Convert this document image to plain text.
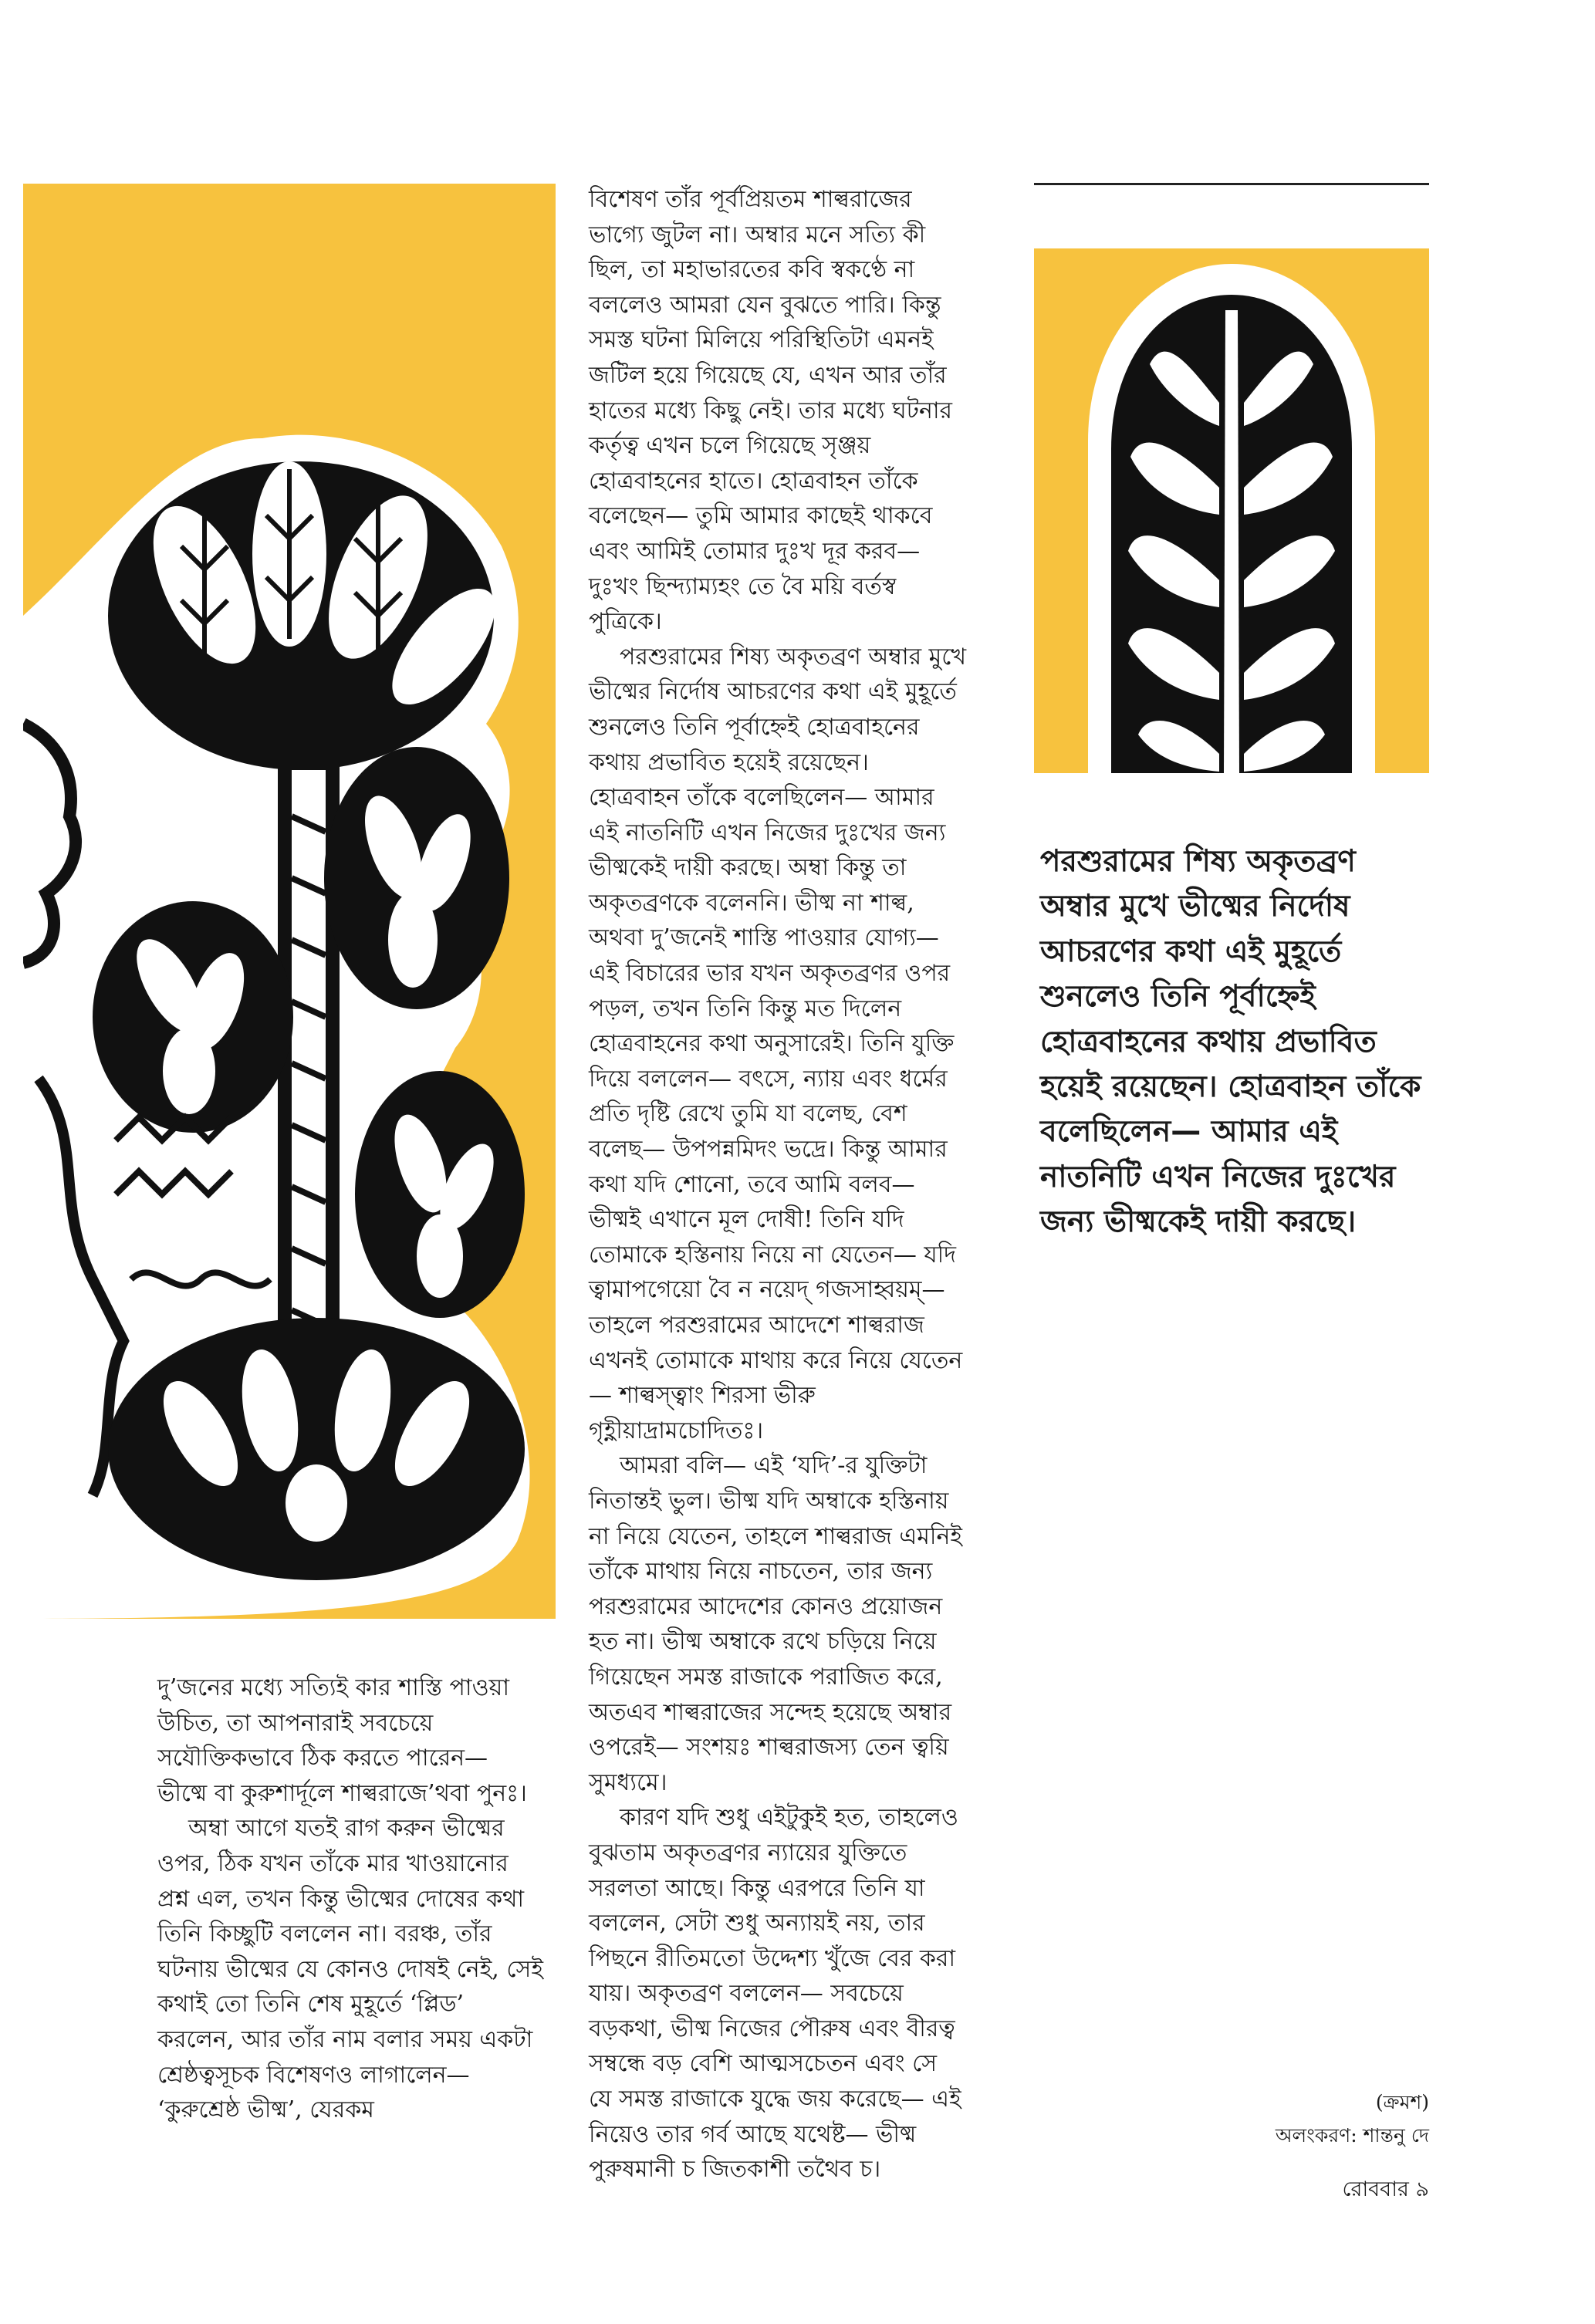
বিশেষণ তাঁর পূর্বপ্রিয়তম শাল্বরাজের ভাগ্যে জুটল না। অম্বার মনে সত্যি কী ছিল, তা মহাভারতের কবি স্বকণ্ঠে না বললেও আমরা যেন বুঝতে পারি। কিন্তু সমস্ত ঘটনা মিলিয়ে পরিস্থিতিটা এমনই জটিল হয়ে গিয়েছে যে, এখন আর তাঁর হাতের মধ্যে কিছু নেই। তার মধ্যে ঘটনার কর্তৃত্ব এখন চলে গিয়েছে সৃঞ্জয় হোত্রবাহনের হাতে। হোত্রবাহন তাঁকে বলেছেন— তুমি আমার কাছেই থাকবে এবং আমিই তোমার দুঃখ দূর করব— দুঃখং ছিন্দ্যাম্যহং তে বৈ ময়ি বর্তস্ব পুত্রিকে।

পরশুরামের শিষ্য অকৃতব্রণ অম্বার মুখে ভীষ্মের নির্দোষ আচরণের কথা এই মুহূর্তে শুনলেও তিনি পূর্বাহ্নেই হোত্রবাহনের কথায় প্রভাবিত হয়েই রয়েছেন। হোত্রবাহন তাঁকে বলেছিলেন— আমার এই নাতনিটি এখন নিজের দুঃখের জন্য ভীষ্মকেই দায়ী করছে। অম্বা কিন্তু তা অকৃতব্রণকে বলেননি। ভীষ্ম না শাল্ব, অথবা দু’জনেই শাস্তি পাওয়ার যোগ্য— এই বিচারের ভার যখন অকৃতব্রণর ওপর পড়ল, তখন তিনি কিন্তু মত দিলেন হোত্রবাহনের কথা অনুসারেই। তিনি যুক্তি দিয়ে বললেন— বৎসে, ন্যায় এবং ধর্মের প্রতি দৃষ্টি রেখে তুমি যা বলেছ, বেশ বলেছ— উপপন্নমিদং ভদ্রে। কিন্তু আমার কথা যদি শোনো, তবে আমি বলব— ভীষ্মই এখানে মূল দোষী! তিনি যদি তোমাকে হস্তিনায় নিয়ে না যেতেন— যদি ত্বামাপগেয়ো বৈ ন নয়েদ্ গজসাহ্বয়ম্— তাহলে পরশুরামের আদেশে শাল্বরাজ এখনই তোমাকে মাথায় করে নিয়ে যেতেন— শাল্বস্ত্বাং শিরসা ভীরু গৃহ্ণীয়াদ্রামচোদিতঃ।

আমরা বলি— এই ‘যদি’-র যুক্তিটা নিতান্তই ভুল। ভীষ্ম যদি অম্বাকে হস্তিনায় না নিয়ে যেতেন, তাহলে শাল্বরাজ এমনিই তাঁকে মাথায় নিয়ে নাচতেন, তার জন্য পরশুরামের আদেশের কোনও প্রয়োজন হত না। ভীষ্ম অম্বাকে রথে চড়িয়ে নিয়ে গিয়েছেন সমস্ত রাজাকে পরাজিত করে, অতএব শাল্বরাজের সন্দেহ হয়েছে অম্বার ওপরেই— সংশয়ঃ শাল্বরাজস্য তেন ত্বয়ি সুমধ্যমে।

কারণ যদি শুধু এইটুকুই হত, তাহলেও বুঝতাম অকৃতব্রণর ন্যায়ের যুক্তিতে সরলতা আছে। কিন্তু এরপরে তিনি যা বললেন, সেটা শুধু অন্যায়ই নয়, তার পিছনে রীতিমতো উদ্দেশ্য খুঁজে বের করা যায়। অকৃতব্রণ বললেন— সবচেয়ে বড়কথা, ভীষ্ম নিজের পৌরুষ এবং বীরত্ব সম্বন্ধে বড় বেশি আত্মসচেতন এবং সে যে সমস্ত রাজাকে যুদ্ধে জয় করেছে— এই নিয়েও তার গর্ব আছে যথেষ্ট— ভীষ্ম পুরুষমানী চ জিতকাশী তথৈব চ।

দু’জনের মধ্যে সত্যিই কার শাস্তি পাওয়া উচিত, তা আপনারাই সবচেয়ে সযৌক্তিকভাবে ঠিক করতে পারেন— ভীষ্মে বা কুরুশার্দূলে শাল্বরাজে’থবা পুনঃ।

অম্বা আগে যতই রাগ করুন ভীষ্মের ওপর, ঠিক যখন তাঁকে মার খাওয়ানোর প্রশ্ন এল, তখন কিন্তু ভীষ্মের দোষের কথা তিনি কিচ্ছুটি বললেন না। বরঞ্চ, তাঁর ঘটনায় ভীষ্মের যে কোনও দোষই নেই, সেই কথাই তো তিনি শেষ মুহূর্তে ‘প্লিড’ করলেন, আর তাঁর নাম বলার সময় একটা শ্রেষ্ঠত্বসূচক বিশেষণও লাগালেন— ‘কুরুশ্রেষ্ঠ ভীষ্ম’, যেরকম

পরশুরামের শিষ্য অকৃতব্রণ অম্বার মুখে ভীষ্মের নির্দোষ আচরণের কথা এই মুহূর্তে শুনলেও তিনি পূর্বাহ্নেই হোত্রবাহনের কথায় প্রভাবিত হয়েই রয়েছেন। হোত্রবাহন তাঁকে বলেছিলেন— আমার এই নাতনিটি এখন নিজের দুঃখের জন্য ভীষ্মকেই দায়ী করছে।

(ক্রমশ)
অলংকরণ: শান্তনু দে
রোববার ৯
